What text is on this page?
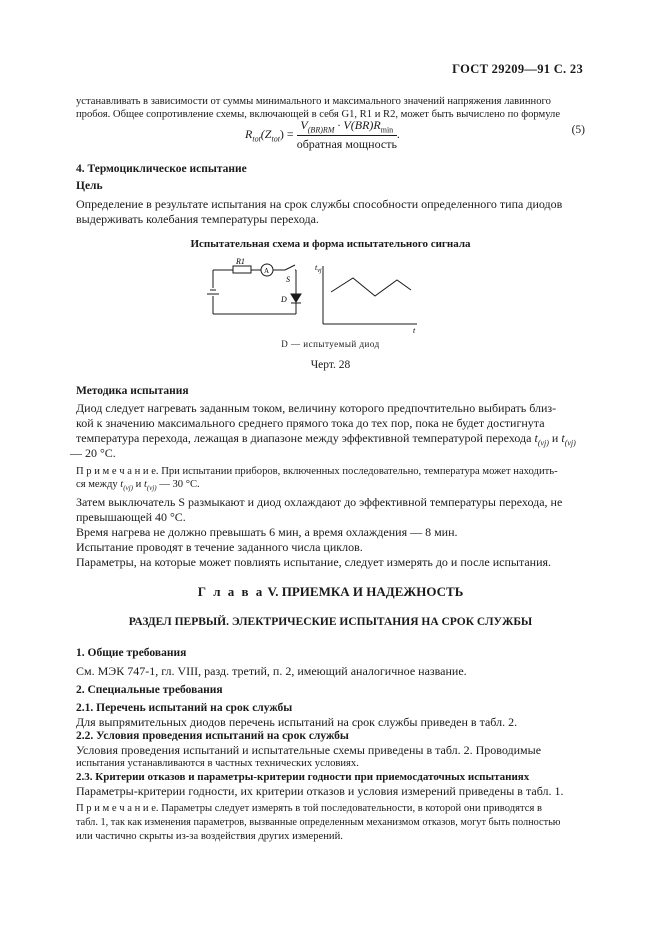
ГОСТ 29209—91 С. 23
устанавливать в зависимости от суммы минимального и максимального значений напряжения лавинного
пробоя. Общее сопротивление схемы, включающей в себя G1, R1 и R2, может быть вычислено по формуле
$R_{tot}(Z_{tot}) = \frac{V_{(BR)RM} \cdot V(BR)R_{min}}{\text{обратная мощность}}$ .	(5)
4. Термоциклическое испытание
Цель
Определение в результате испытания на срок службы способности определенного типа диодов
выдерживать колебания температуры перехода.
Испытательная схема и форма испытательного сигнала
R1
A
S
D
$t_{vj}$
t
D — испытуемый диод
Черт. 28
Методика испытания
Диод следует нагревать заданным током, величину которого предпочтительно выбирать близ-
кой к значению максимального среднего прямого тока до тех пор, пока не будет достигнута
температура перехода, лежащая в диапазоне между эффективной температурой перехода $t_{(vj)}$ и $t_{(vj)}$
— 20 °С.
П р и м е ч а н и е. При испытании приборов, включенных последовательно, температура может находить-
ся между $t_{(vj)}$ и $t_{(vj)}$ — 30 °С.
Затем выключатель S размыкают и диод охлаждают до эффективной температуры перехода, не
превышающей 40 °С.
Время нагрева не должно превышать 6 мин, а время охлаждения — 8 мин.
Испытание проводят в течение заданного числа циклов.
Параметры, на которые может повлиять испытание, следует измерять до и после испытания.
Г л а в а V. ПРИЕМКА И НАДЕЖНОСТЬ
РАЗДЕЛ ПЕРВЫЙ. ЭЛЕКТРИЧЕСКИЕ ИСПЫТАНИЯ НА СРОК СЛУЖБЫ
1. Общие требования
См. МЭК 747-1, гл. VIII, разд. третий, п. 2, имеющий аналогичное название.
2. Специальные требования
2.1. Перечень испытаний на срок службы
Для выпрямительных диодов перечень испытаний на срок службы приведен в табл. 2.
2.2. Условия проведения испытаний на срок службы
Условия проведения испытаний и испытательные схемы приведены в табл. 2. Проводимые
испытания устанавливаются в частных технических условиях.
2.3. Критерии отказов и параметры-критерии годности при приемосдаточных испытаниях
Параметры-критерии годности, их критерии отказов и условия измерений приведены в табл. 1.
П р и м е ч а н и е. Параметры следует измерять в той последовательности, в которой они приводятся в
табл. 1, так как изменения параметров, вызванные определенным механизмом отказов, могут быть полностью
или частично скрыты из-за воздействия других измерений.
